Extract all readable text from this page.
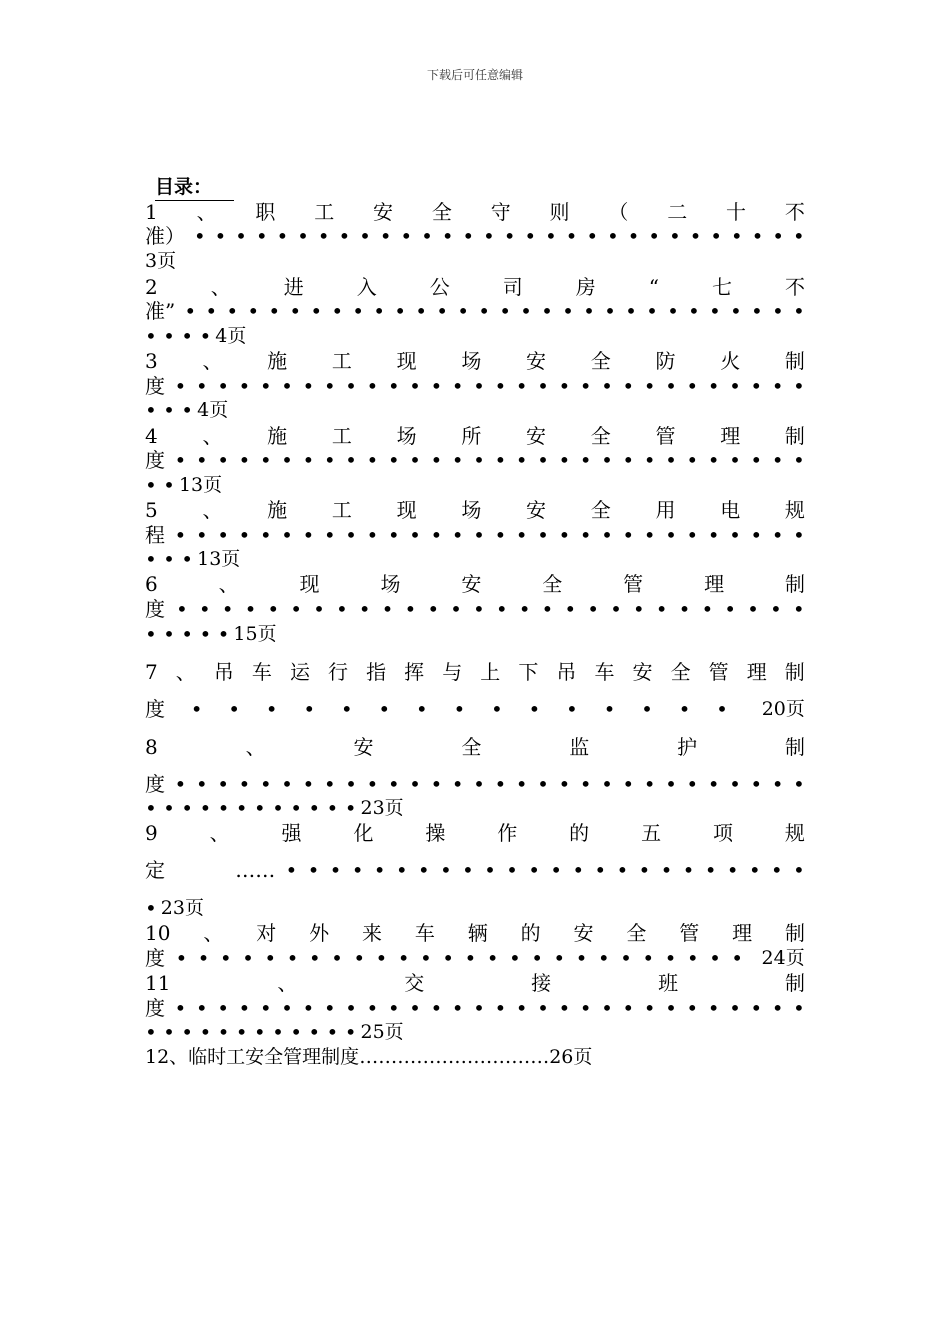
下载后可任意编辑
目录：
1 、 职 工 安 全 守 则 （ 二 十 不
准） • • • • • • • • • • • • • • • • • • • • • • • • • • • • • •
3页
2	、	进	入	公	司	房	“	七	不
准” • • • • • • • • • • • • • • • • • • • • • • • • • • • • • •
• • • • 4页
3 、 施 工 现 场 安 全 防 火 制
度 • • • • • • • • • • • • • • • • • • • • • • • • • • • • • •
• • • 4页
4 、 施 工 场 所 安 全 管 理 制
度 • • • • • • • • • • • • • • • • • • • • • • • • • • • • • •
• • 13页
5 、 施 工 现 场 安 全 用 电 规
程 • • • • • • • • • • • • • • • • • • • • • • • • • • • • • •
• • • 13页
6	、	现	场	安	全	管	理	制
度 • • • • • • • • • • • • • • • • • • • • • • • • • • • •
• • • • • 15页
7 、 吊 车 运 行 指 挥 与 上 下 吊 车 安 全 管 理 制
度 • • • • • • • • • • • • • • • 20页
8	、	安	全	监	护	制
度 • • • • • • • • • • • • • • • • • • • • • • • • • • • • • •
• • • • • • • • • • • • 23页
9	、	强	化	操	作	的	五	项	规
定	…… • • • • • • • • • • • • • • • • • • • • • • • •
• 23页
10 、 对 外 来 车 辆 的 安 全 管 理 制
度 • • • • • • • • • • • • • • • • • • • • • • • • • • 24页
11	、	交	接	班	制
度 • • • • • • • • • • • • • • • • • • • • • • • • • • • • • •
• • • • • • • • • • • • 25页
12、临时工安全管理制度…………………………26页
